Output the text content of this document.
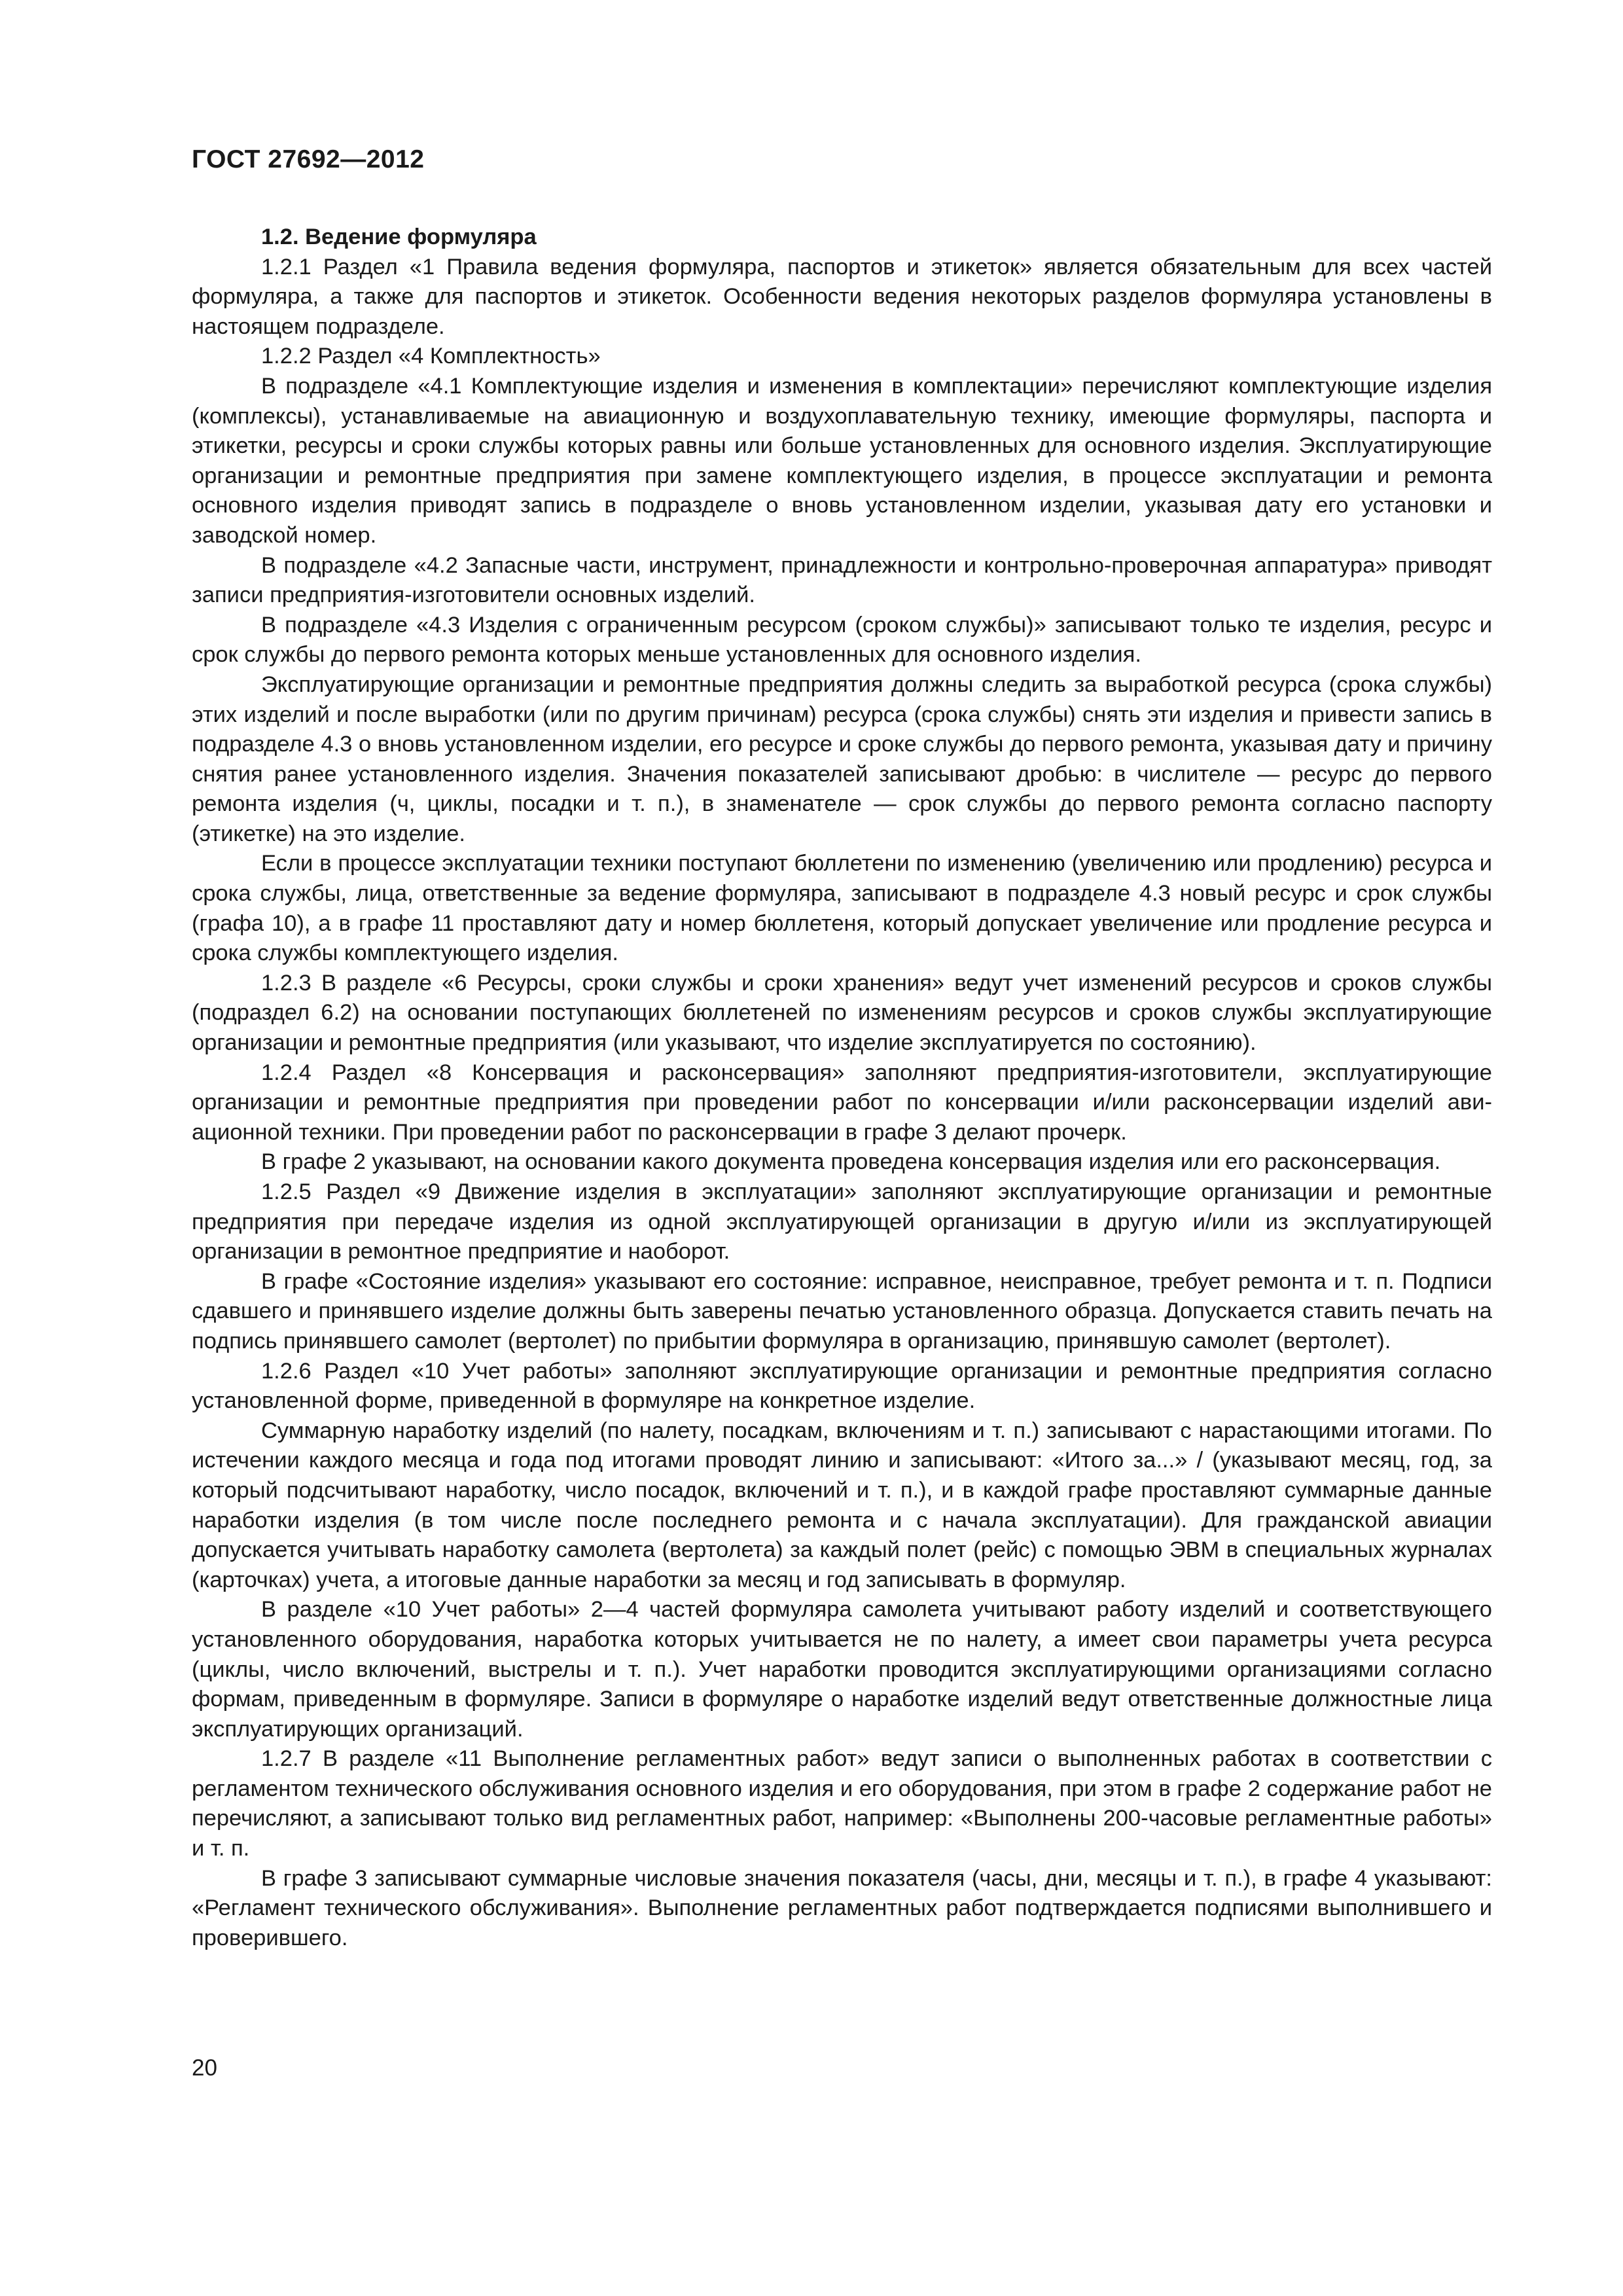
ГОСТ 27692—2012

1.2. Ведение формуляра

1.2.1 Раздел «1 Правила ведения формуляра, паспортов и этикеток» является обязательным для всех частей формуляра, а также для паспортов и этикеток. Особенности ведения некоторых разделов формуляра установлены в настоящем подразделе.

1.2.2 Раздел «4 Комплектность»

В подразделе «4.1 Комплектующие изделия и изменения в комплектации» перечисляют комплектующие изделия (комплексы), устанавливаемые на авиационную и воздухоплавательную технику, имеющие формуляры, паспорта и этикетки, ресурсы и сроки службы которых равны или больше установленных для основного изделия. Эксплуатирующие организации и ремонтные предприятия при замене комплектующего изделия, в процессе эксплуатации и ремонта основного изделия приводят запись в подразделе о вновь установленном изделии, указывая дату его установки и заводской номер.

В подразделе «4.2 Запасные части, инструмент, принадлежности и контрольно-проверочная аппаратура» приводят записи предприятия-изготовители основных изделий.

В подразделе «4.3 Изделия с ограниченным ресурсом (сроком службы)» записывают только те изделия, ресурс и срок службы до первого ремонта которых меньше установленных для основного изделия.

Эксплуатирующие организации и ремонтные предприятия должны следить за выработкой ресурса (срока службы) этих изделий и после выработки (или по другим причинам) ресурса (срока службы) снять эти изделия и привести запись в подразделе 4.3 о вновь установленном изделии, его ресурсе и сроке службы до первого ремонта, указывая дату и причину снятия ранее установленного изделия. Значения показателей записывают дробью: в числителе — ресурс до первого ремонта изделия (ч, циклы, посадки и т. п.), в знаменателе — срок службы до первого ремонта согласно паспорту (этикетке) на это изделие.

Если в процессе эксплуатации техники поступают бюллетени по изменению (увеличению или продлению) ресурса и срока службы, лица, ответственные за ведение формуляра, записывают в подразделе 4.3 новый ресурс и срок службы (графа 10), а в графе 11 проставляют дату и номер бюллетеня, который допускает увеличение или продление ресурса и срока службы комплектующего изделия.

1.2.3 В разделе «6 Ресурсы, сроки службы и сроки хранения» ведут учет изменений ресурсов и сроков службы (подраздел 6.2) на основании поступающих бюллетеней по изменениям ресурсов и сроков службы эксплуатирующие организации и ремонтные предприятия (или указывают, что изделие эксплуатируется по состоянию).

1.2.4 Раздел «8 Консервация и расконсервация» заполняют предприятия-изготовители, эксплуатирующие организации и ремонтные предприятия при проведении работ по консервации и/или расконсервации изделий авиационной техники. При проведении работ по расконсервации в графе 3 делают прочерк.

В графе 2 указывают, на основании какого документа проведена консервация изделия или его расконсервация.

1.2.5 Раздел «9 Движение изделия в эксплуатации» заполняют эксплуатирующие организации и ремонтные предприятия при передаче изделия из одной эксплуатирующей организации в другую и/или из эксплуатирующей организации в ремонтное предприятие и наоборот.

В графе «Состояние изделия» указывают его состояние: исправное, неисправное, требует ремонта и т. п. Подписи сдавшего и принявшего изделие должны быть заверены печатью установленного образца. Допускается ставить печать на подпись принявшего самолет (вертолет) по прибытии формуляра в организацию, принявшую самолет (вертолет).

1.2.6 Раздел «10 Учет работы» заполняют эксплуатирующие организации и ремонтные предприятия согласно установленной форме, приведенной в формуляре на конкретное изделие.

Суммарную наработку изделий (по налету, посадкам, включениям и т. п.) записывают с нарастающими итогами. По истечении каждого месяца и года под итогами проводят линию и записывают: «Итого за...» / (указывают месяц, год, за который подсчитывают наработку, число посадок, включений и т. п.), и в каждой графе проставляют суммарные данные наработки изделия (в том числе после последнего ремонта и с начала эксплуатации). Для гражданской авиации допускается учитывать наработку самолета (вертолета) за каждый полет (рейс) с помощью ЭВМ в специальных журналах (карточках) учета, а итоговые данные наработки за месяц и год записывать в формуляр.

В разделе «10 Учет работы» 2—4 частей формуляра самолета учитывают работу изделий и соответствующего установленного оборудования, наработка которых учитывается не по налету, а имеет свои параметры учета ресурса (циклы, число включений, выстрелы и т. п.). Учет наработки проводится эксплуатирующими организациями согласно формам, приведенным в формуляре. Записи в формуляре о наработке изделий ведут ответственные должностные лица эксплуатирующих организаций.

1.2.7 В разделе «11 Выполнение регламентных работ» ведут записи о выполненных работах в соответствии с регламентом технического обслуживания основного изделия и его оборудования, при этом в графе 2 содержание работ не перечисляют, а записывают только вид регламентных работ, например: «Выполнены 200-часовые регламентные работы» и т. п.

В графе 3 записывают суммарные числовые значения показателя (часы, дни, месяцы и т. п.), в графе 4 указывают: «Регламент технического обслуживания». Выполнение регламентных работ подтверждается подписями выполнившего и проверившего.

20
